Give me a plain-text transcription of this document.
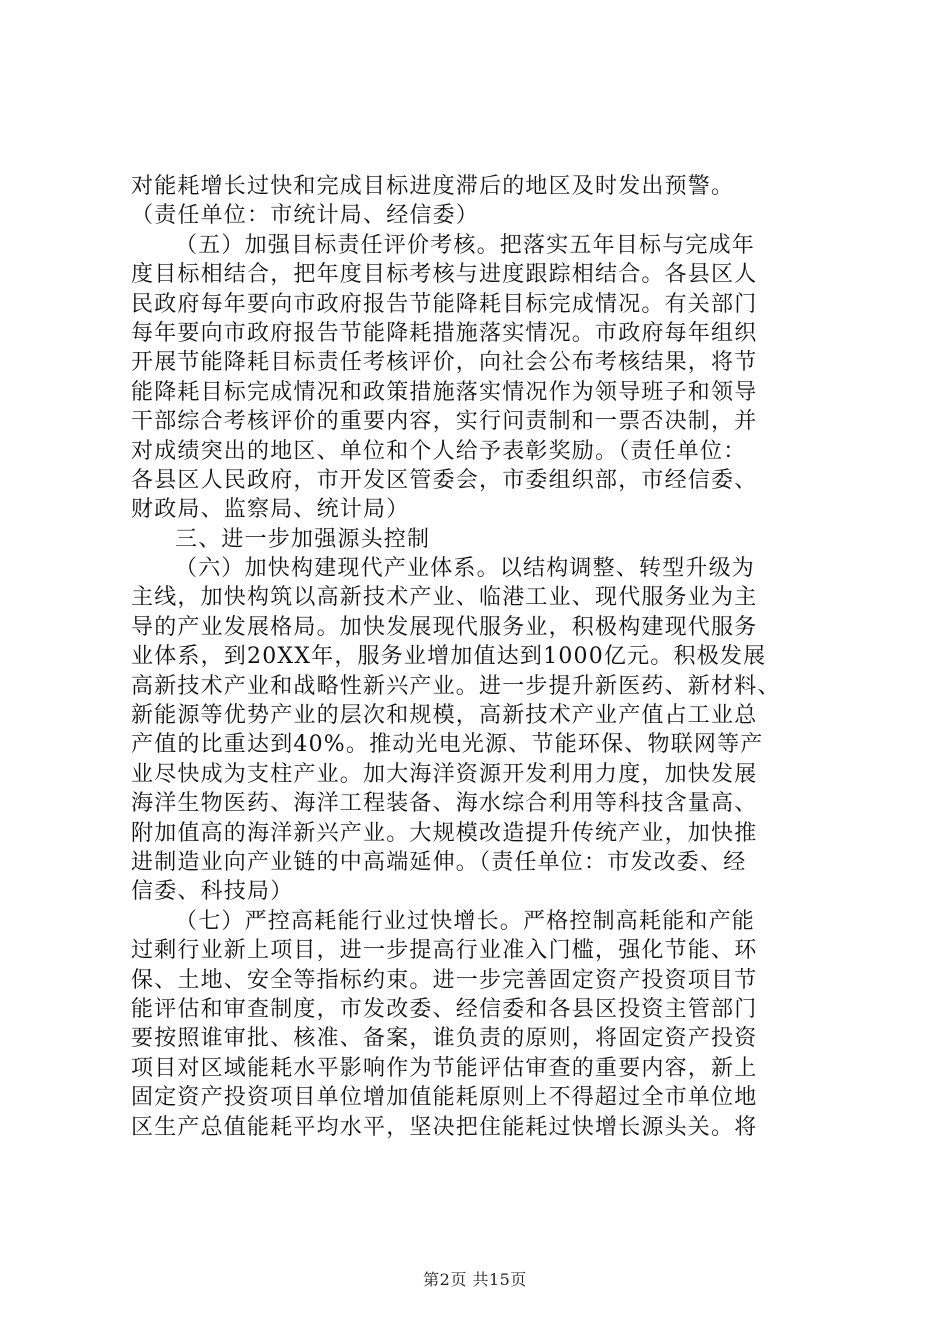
对能耗增长过快和完成目标进度滞后的地区及时发出预警。
（责任单位：市统计局、经信委）
（五）加强目标责任评价考核。把落实五年目标与完成年
度目标相结合，把年度目标考核与进度跟踪相结合。各县区人
民政府每年要向市政府报告节能降耗目标完成情况。有关部门
每年要向市政府报告节能降耗措施落实情况。市政府每年组织
开展节能降耗目标责任考核评价，向社会公布考核结果，将节
能降耗目标完成情况和政策措施落实情况作为领导班子和领导
干部综合考核评价的重要内容，实行问责制和一票否决制，并
对成绩突出的地区、单位和个人给予表彰奖励。（责任单位：
各县区人民政府，市开发区管委会，市委组织部，市经信委、
财政局、监察局、统计局）
三、进一步加强源头控制
（六）加快构建现代产业体系。以结构调整、转型升级为
主线，加快构筑以高新技术产业、临港工业、现代服务业为主
导的产业发展格局。加快发展现代服务业，积极构建现代服务
业体系，到20XX年，服务业增加值达到1000亿元。积极发展
高新技术产业和战略性新兴产业。进一步提升新医药、新材料、
新能源等优势产业的层次和规模，高新技术产业产值占工业总
产值的比重达到40%。推动光电光源、节能环保、物联网等产
业尽快成为支柱产业。加大海洋资源开发利用力度，加快发展
海洋生物医药、海洋工程装备、海水综合利用等科技含量高、
附加值高的海洋新兴产业。大规模改造提升传统产业，加快推
进制造业向产业链的中高端延伸。（责任单位：市发改委、经
信委、科技局）
（七）严控高耗能行业过快增长。严格控制高耗能和产能
过剩行业新上项目，进一步提高行业准入门槛，强化节能、环
保、土地、安全等指标约束。进一步完善固定资产投资项目节
能评估和审查制度，市发改委、经信委和各县区投资主管部门
要按照谁审批、核准、备案，谁负责的原则，将固定资产投资
项目对区域能耗水平影响作为节能评估审查的重要内容，新上
固定资产投资项目单位增加值能耗原则上不得超过全市单位地
区生产总值能耗平均水平，坚决把住能耗过快增长源头关。将
第2页 共15页
